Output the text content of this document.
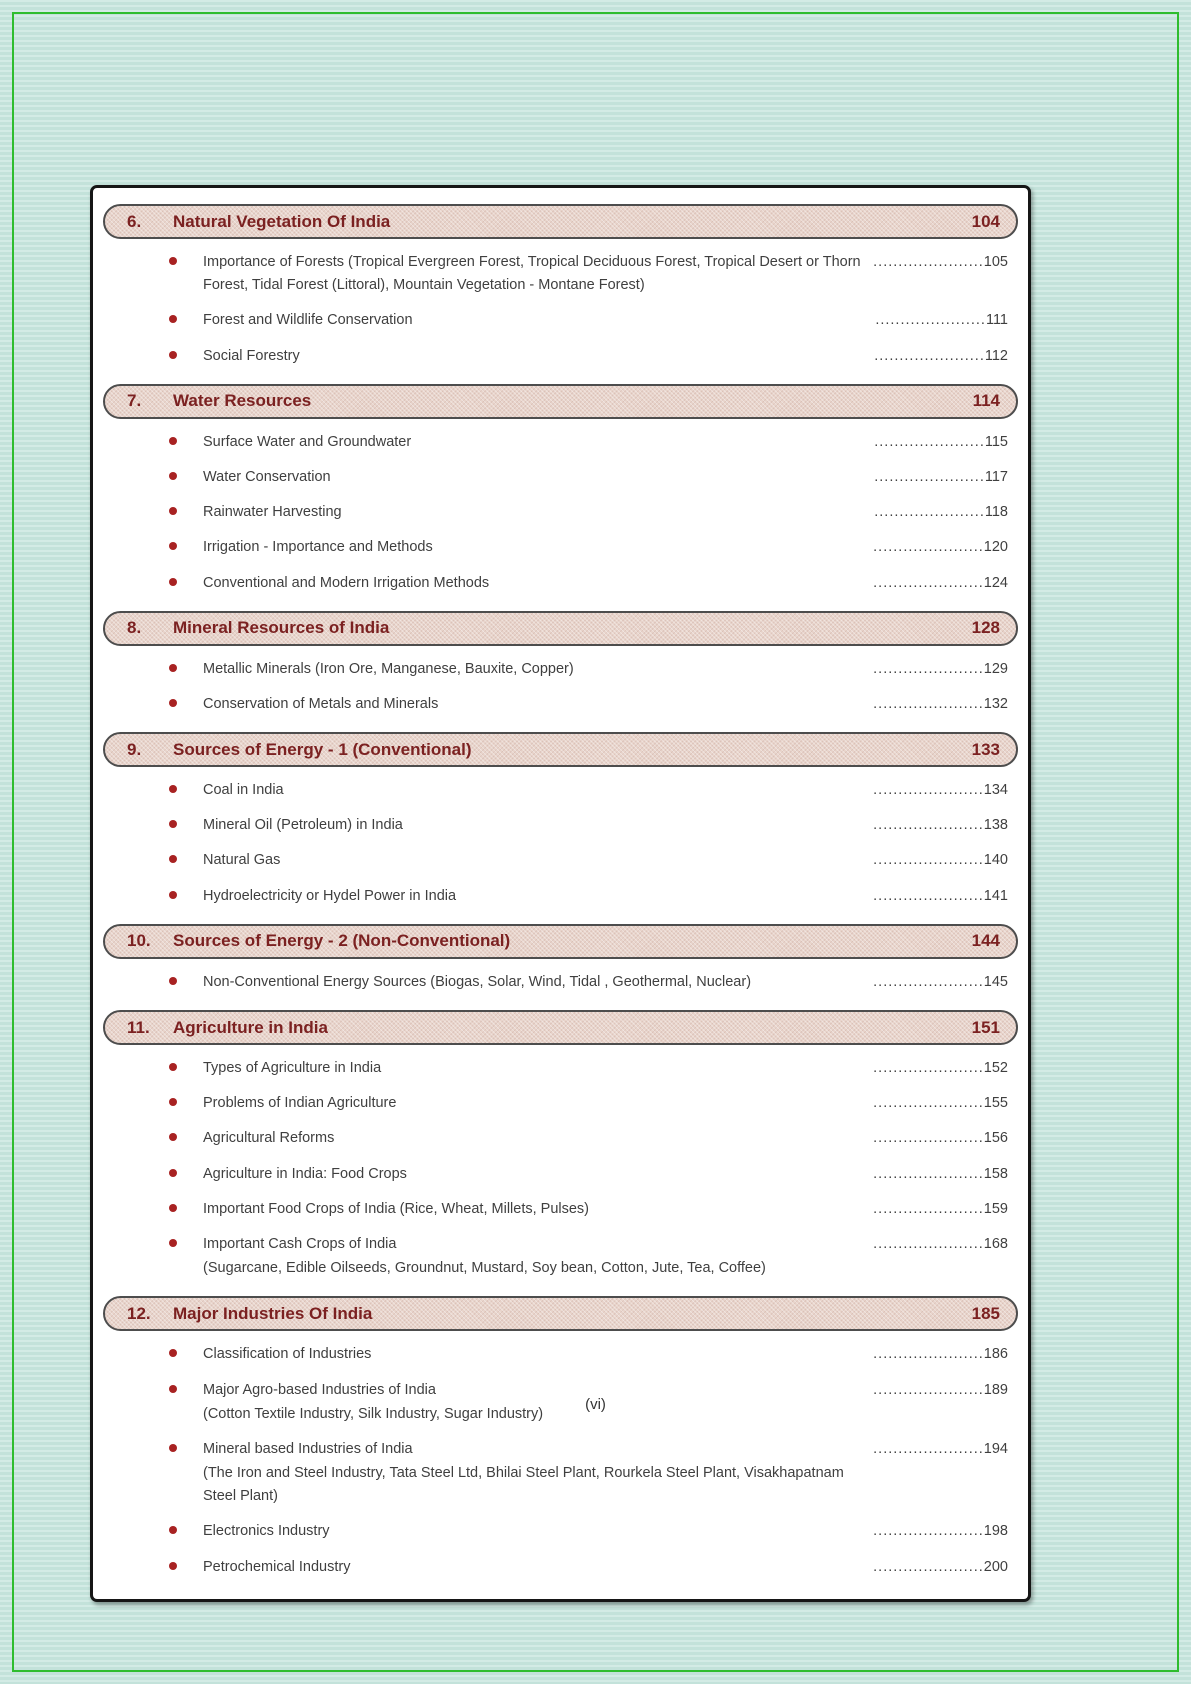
6.	Natural Vegetation Of India	104
Importance of Forests (Tropical Evergreen Forest, Tropical Deciduous Forest, Tropical Desert or Thorn Forest, Tidal Forest (Littoral), Mountain Vegetation - Montane Forest)
......................105
Forest and Wildlife Conservation	......................111
Social Forestry	......................112
7.	Water Resources	114
Surface Water and Groundwater	......................115
Water Conservation	......................117
Rainwater Harvesting	......................118
Irrigation - Importance and Methods	......................120
Conventional and Modern Irrigation Methods	......................124
8.	Mineral Resources of India	128
Metallic Minerals (Iron Ore, Manganese, Bauxite, Copper)	......................129
Conservation of Metals and Minerals	......................132
9.	Sources of Energy - 1 (Conventional)	133
Coal in India	......................134
Mineral Oil (Petroleum) in India	......................138
Natural Gas	......................140
Hydroelectricity or Hydel Power in India	......................141
10.	Sources of Energy - 2 (Non-Conventional)	144
Non-Conventional Energy Sources (Biogas, Solar, Wind, Tidal , Geothermal, Nuclear)	......................145
11.	Agriculture in India	151
Types of Agriculture in India	......................152
Problems of Indian Agriculture	......................155
Agricultural Reforms	......................156
Agriculture in India: Food Crops	......................158
Important Food Crops of India (Rice, Wheat, Millets, Pulses)	......................159
Important Cash Crops of India
(Sugarcane, Edible Oilseeds, Groundnut, Mustard, Soy bean, Cotton, Jute, Tea, Coffee)
......................168
12.	Major Industries Of India	185
Classification of Industries	......................186
Major Agro-based Industries of India
(Cotton Textile Industry, Silk Industry, Sugar Industry)
......................189
Mineral based Industries of India
(The Iron and Steel Industry, Tata Steel Ltd, Bhilai Steel Plant, Rourkela Steel Plant, Visakhapatnam Steel Plant)
......................194
Electronics Industry	......................198
Petrochemical Industry	......................200
(vi)
